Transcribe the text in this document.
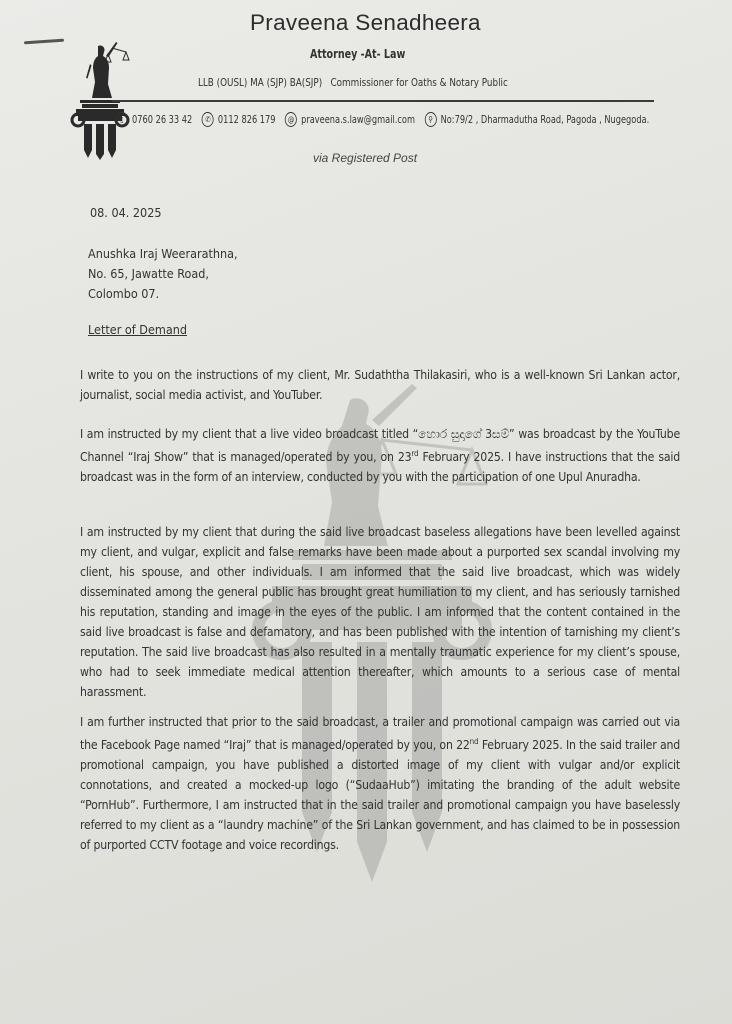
Praveena Senadheera
Attorney -At- Law
LLB (OUSL) MA (SJP) BA(SJP)   Commissioner for Oaths & Notary Public
▯ 0760 26 33 42	✆ 0112 826 179	@ praveena.s.law@gmail.com	⚲ No:79/2 , Dharmadutha Road, Pagoda , Nugegoda.
via Registered Post
08. 04. 2025
Anushka Iraj Weerarathna,
No. 65, Jawatte Road,
Colombo 07.
Letter of Demand
I write to you on the instructions of my client, Mr. Sudaththa Thilakasiri, who is a well-known Sri Lankan actor, journalist, social media activist, and YouTuber.
I am instructed by my client that a live video broadcast titled “හොර සුදාගේ 3සම්” was broadcast by the YouTube Channel “Iraj Show” that is managed/operated by you, on 23rd February 2025. I have instructions that the said broadcast was in the form of an interview, conducted by you with the participation of one Upul Anuradha.
I am instructed by my client that during the said live broadcast baseless allegations have been levelled against my client, and vulgar, explicit and false remarks have been made about a purported sex scandal involving my client, his spouse, and other individuals. I am informed that the said live broadcast, which was widely disseminated among the general public has brought great humiliation to my client, and has seriously tarnished his reputation, standing and image in the eyes of the public. I am informed that the content contained in the said live broadcast is false and defamatory, and has been published with the intention of tarnishing my client’s reputation. The said live broadcast has also resulted in a mentally traumatic experience for my client’s spouse, who had to seek immediate medical attention thereafter, which amounts to a serious case of mental harassment.
I am further instructed that prior to the said broadcast, a trailer and promotional campaign was carried out via the Facebook Page named “Iraj” that is managed/operated by you, on 22nd February 2025. In the said trailer and promotional campaign, you have published a distorted image of my client with vulgar and/or explicit connotations, and created a mocked-up logo (“SudaaHub”) imitating the branding of the adult website “PornHub”. Furthermore, I am instructed that in the said trailer and promotional campaign you have baselessly referred to my client as a “laundry machine” of the Sri Lankan government, and has claimed to be in possession of purported CCTV footage and voice recordings.
